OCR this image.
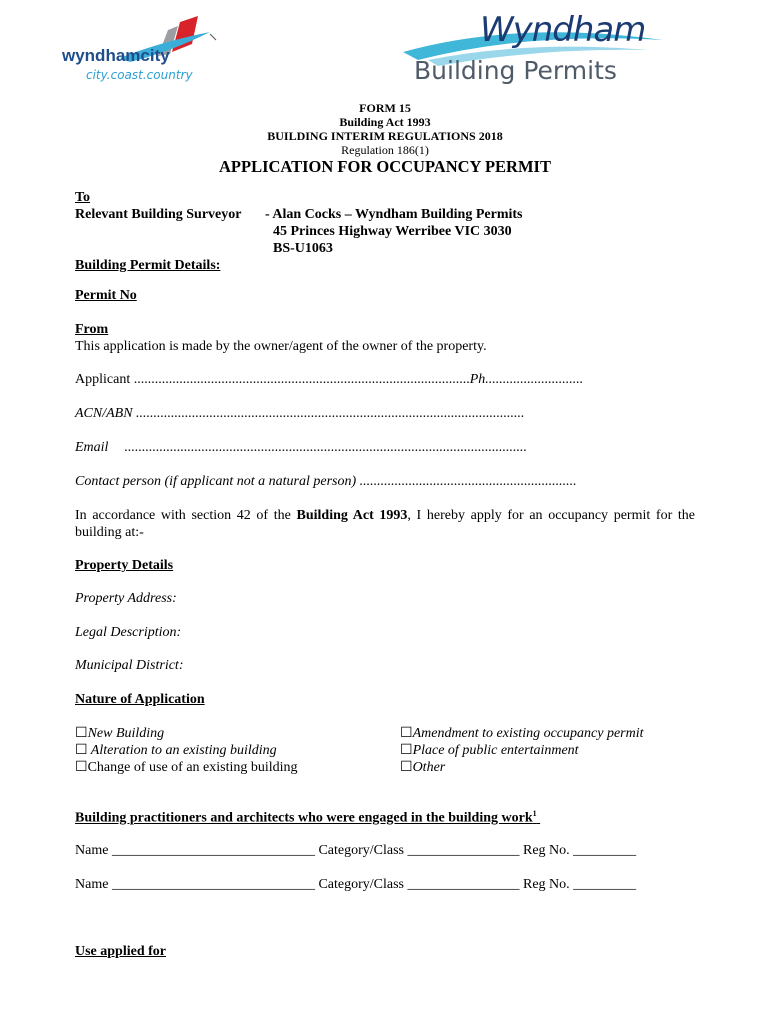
wyndhamcity
city.coast.country
Wyndham
Building Permits
FORM 15
Building Act 1993
BUILDING INTERIM REGULATIONS 2018
Regulation 186(1)
APPLICATION FOR OCCUPANCY PERMIT
To
Relevant Building Surveyor - Alan Cocks – Wyndham Building Permits
45 Princes Highway Werribee VIC 3030
BS-U1063
Building Permit Details:
Permit No
From
This application is made by the owner/agent of the owner of the property.
Applicant ................................................................................................Ph............................
ACN/ABN ...............................................................................................................
Email ...................................................................................................................
Contact person (if applicant not a natural person) ..............................................................
In accordance with section 42 of the Building Act 1993, I hereby apply for an occupancy permit for the building at:-
Property Details
Property Address:
Legal Description:
Municipal District:
Nature of Application
☐New Building
☐ Alteration to an existing building
☐Change of use of an existing building
☐Amendment to existing occupancy permit
☐Place of public entertainment
☐Other
Building practitioners and architects who were engaged in the building work$^1$
Name _____________________________ Category/Class ________________ Reg No. _________
Name _____________________________ Category/Class ________________ Reg No. _________
Use applied for
